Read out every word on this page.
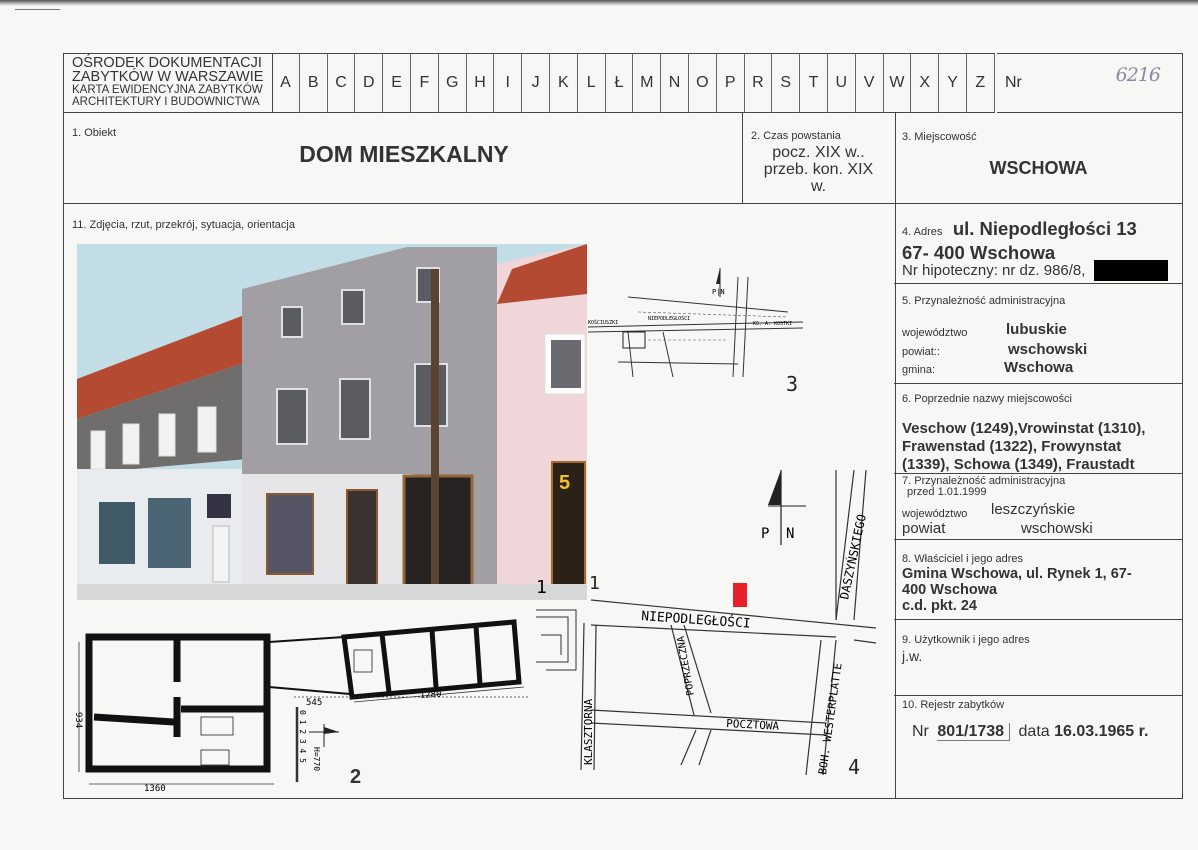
OŚRODEK DOKUMENTACJI
ZABYTKÓW W WARSZAWIE
KARTA EWIDENCYJNA ZABYTKÓW
ARCHITEKTURY I BUDOWNICTWA
A	B	C	D	E	F	G H	I	J	K	L	Ł	M N O	P	R	S	T	U	V W X	Y	Z	Nr	6216
1. Obiekt
DOM MIESZKALNY
2. Czas powstania
pocz. XIX w..
przeb. kon. XIX
w.
3. Miejscowość
WSCHOWA
11. Zdjęcia, rzut, przekrój, sytuacja, orientacja
5
1
P|N
KOŚCIUSZKI
NIEPODLEGŁOŚCI
KS. A. KOSTKI
3
P N
NIEPODLEGŁOŚCI
DASZYŃSKIEGO
KLASZTORNA
POPRZECZNA
POCZTOWA	BOH. WESTERPLATTE
1
4
1360
934
1280
545
H=770
0 1 2 3 4 5
2
4. Adres ul. Niepodległości 13
67- 400 Wschowa
Nr hipoteczny: nr dz. 986/8,
5. Przynależność administracyjna
województwo	lubuskie
powiat::	wschowski
gmina:	Wschowa
6. Poprzednie nazwy miejscowości
Veschow (1249),Vrowinstat (1310),
Frawenstad (1322), Frowynstat
(1339), Schowa (1349), Fraustadt
7. Przynależność administracyjna
przed 1.01.1999
województwo leszczyńskie
powiat	wschowski
8. Właściciel i jego adres
Gmina Wschowa, ul. Rynek 1, 67-
400 Wschowa
c.d. pkt. 24
9. Użytkownik i jego adres
j.w.
10. Rejestr zabytków
Nr 801/1738 data 16.03.1965 r.
